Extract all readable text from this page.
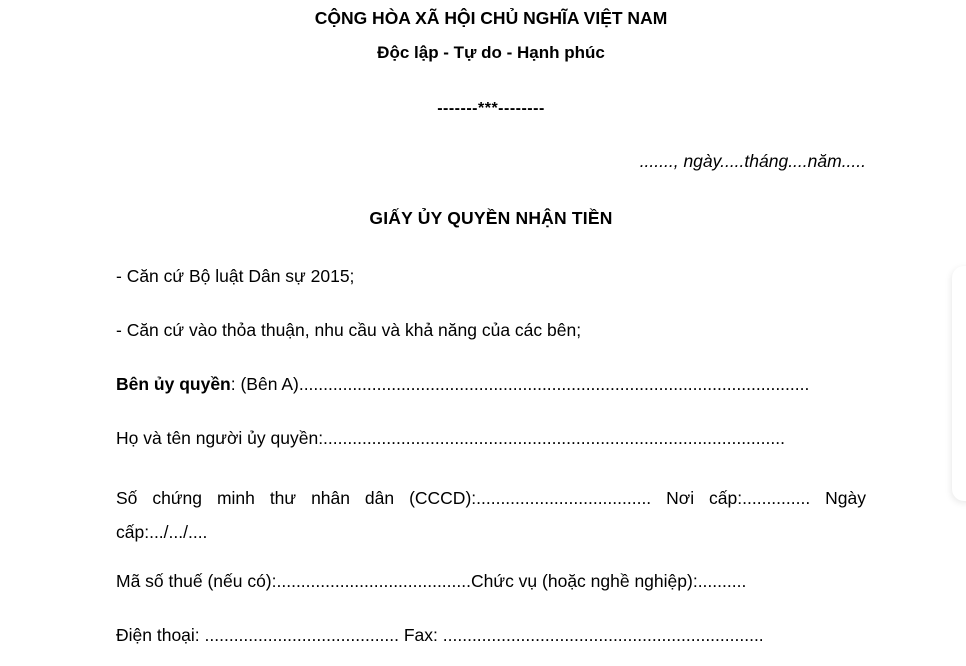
CỘNG HÒA XÃ HỘI CHỦ NGHĨA VIỆT NAM

Độc lập - Tự do - Hạnh phúc

-------***--------

......., ngày.....tháng....năm.....

GIẤY ỦY QUYỀN NHẬN TIỀN

- Căn cứ Bộ luật Dân sự 2015;

- Căn cứ vào thỏa thuận, nhu cầu và khả năng của các bên;

Bên ủy quyền: (Bên A).........................................................................................................

Họ và tên người ủy quyền:...............................................................................................

Số chứng minh thư nhân dân (CCCD):.................................... Nơi cấp:.............. Ngày
cấp:.../.../....

Mã số thuế (nếu có):........................................Chức vụ (hoặc nghề nghiệp):..........

Điện thoại: ........................................ Fax: ..................................................................
